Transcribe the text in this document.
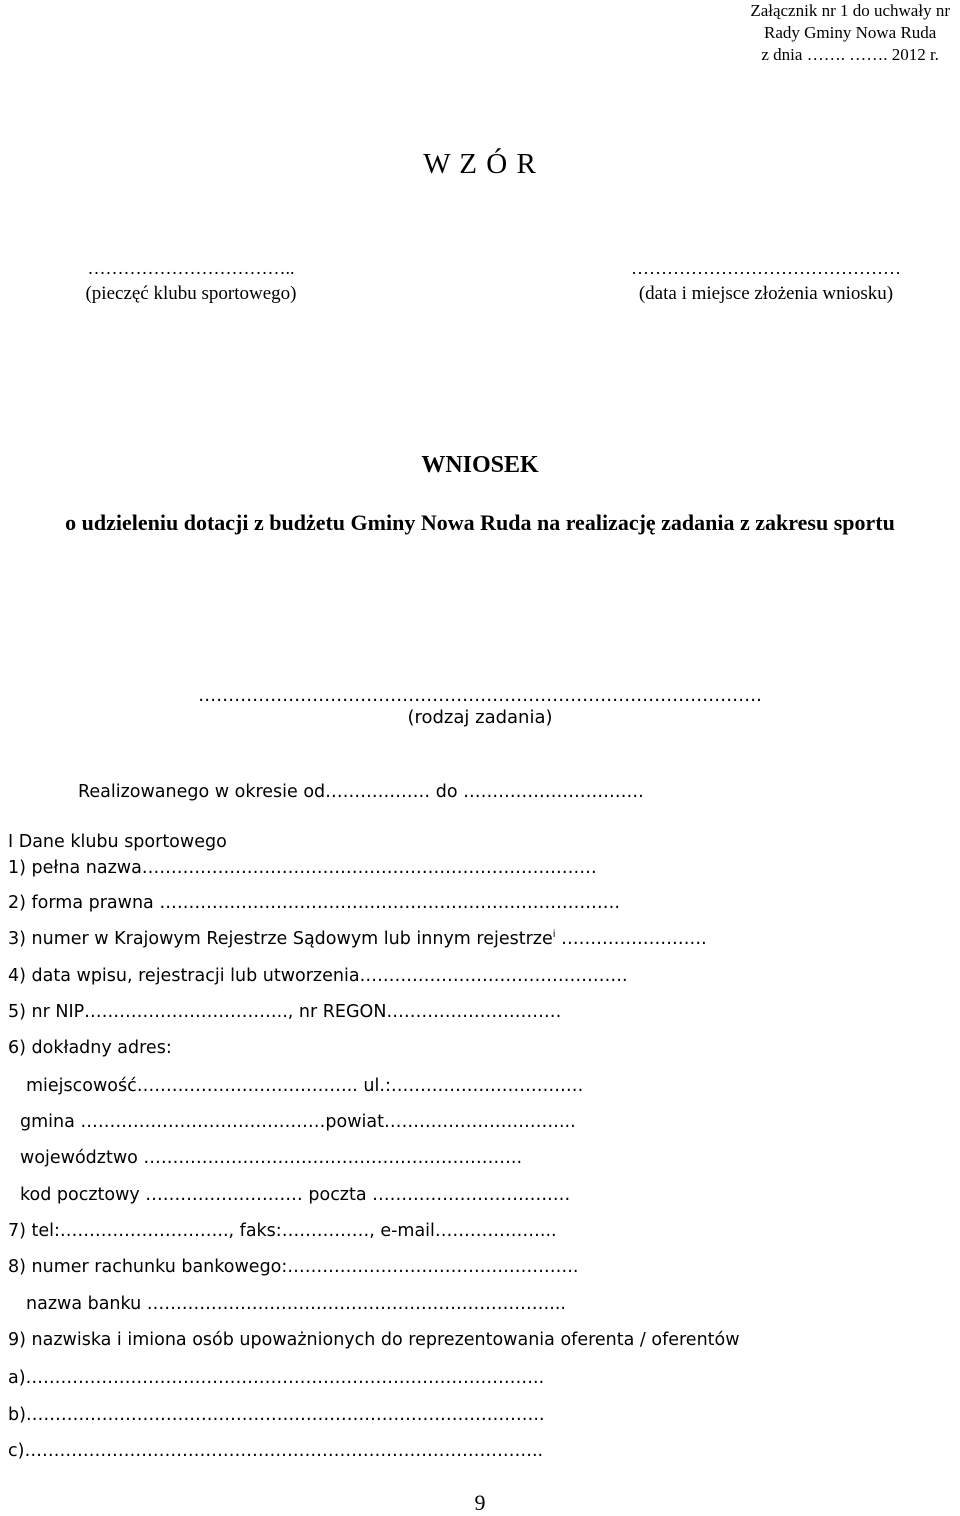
Załącznik nr 1 do uchwały nr
Rady Gminy Nowa Ruda
z dnia ……. ……. 2012 r.
W Z Ó R
……………………………..
(pieczęć klubu sportowego)
………………………………………
(data i miejsce złożenia wniosku)
WNIOSEK
o udzieleniu dotacji z budżetu Gminy Nowa Ruda na realizację zadania z zakresu sportu
………………………………………………………………………………….
(rodzaj zadania)
Realizowanego w okresie od……………… do ………………………….
I Dane klubu sportowego
1) pełna nazwa……………………………………………………………………
2) forma prawna …………………………………………………………………….
3) numer w Krajowym Rejestrze Sądowym lub innym rejestrze$^i$ …………………….
4) data wpisu, rejestracji lub utworzenia……………………………………….
5) nr NIP…………………………….., nr REGON…………………………
6) dokładny adres:
miejscowość……………………………….. ul.:……………………………
gmina ……………………………………powiat…………………………...
województwo ………………………………………………………..
kod pocztowy ……………………… poczta ………………………….…
7) tel:……………………….., faks:……………, e-mail………………...
8) numer rachunku bankowego:…………………………………………..
nazwa banku ……………………………………………………………...
9) nazwiska i imiona osób upoważnionych do reprezentowania oferenta / oferentów
a)……………………………………………………………………………..
b)……………………………………………………………………………..
c)……………………………………………………………………………..
9
